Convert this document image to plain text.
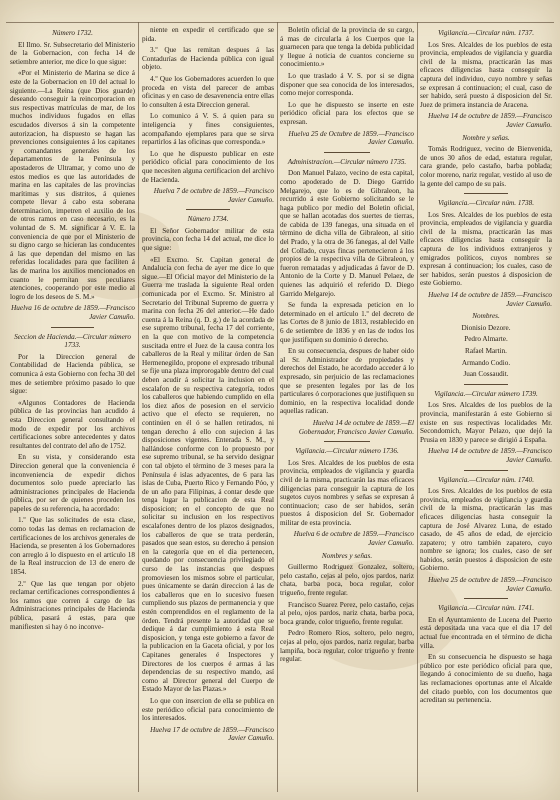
Número 1732.

El Ilmo. Sr. Subsecretario del Ministerio de la Gobernacion, con fecha 14 de setiembre anterior, me dice lo que sigue:

«Por el Ministerio de Marina se dice á este de la Gobernacion en 10 del actual lo siguiente.—La Reina (que Dios guarde) deseando conseguir la reincorporacion en sus respectivas matrículas de mar, de los muchos individuos fugados en ellas escudados diversos á sin la competente autorizacion, ha dispuesto se hagan las prevenciones consiguientes á los capitanes y comandantes generales de los departamentos de la Península y apostaderos de Ultramar, y como uno de estos medios es que las autoridades de marina en las capitales de las provincias marítimas y sus distritos, á quienes compete llevar á cabo esta soberana determinacion, impetren el auxilio de los de otros ramos en caso necesario, es la voluntad de S. M. significar á V. E. la conveniencia de que por el Ministerio de su digno cargo se hicieran las conducentes á las que dependan del mismo en las referidas localidades para que faciliten á las de marina los auxilios mencionados en cuanto le permitan sus peculiares atenciones, cooperando por este medio al logro de los deseos de S. M.»

Huelva 16 de octubre de 1859.—Francisco Javier Camuño.
Seccion de Hacienda.—Circular número 1733.

Por la Direccion general de Contabilidad de Hacienda pública, se comunica á esta Gobierno con fecha 30 del mes de setiembre próximo pasado lo que sigue:

«Algunos Contadores de Hacienda pública de las provincias han acudido á esta Direccion general consultando el modo de expedir por los archivos certificaciones sobre antecedentes y datos resultantes del contrato del año de 1752.

En su vista, y considerando esta Direccion general que la conveniencia é inconveniencia de expedir dichos documentos solo puede apreciarlo las administraciones principales de Hacienda pública, por ser de quienes proceden los papeles de su referencia, ha acordado:

1.º Que las solicitudes de esta clase, como todas las demas en reclamacion de certificaciones de los archivos generales de Hacienda, se presenten á los Gobernadores con arreglo á lo dispuesto en el artículo 18 de la Real instruccion de 13 de enero de 1854.

2.º Que las que tengan por objeto reclamar certificaciones correspondientes á los ramos que corren á cargo de las Administraciones principales de Hacienda pública, pasará á estas, para que manifiesten si hay ó no inconve-

niente en expedir el certificado que se pida.

3.º Que las remitan despues á las Contadurías de Hacienda pública con igual objeto.

4.º Que los Gobernadores acuerden lo que proceda en vista del parecer de ambas oficinas y en caso de desavenencia entre ellas lo consulten á esta Direccion general.

Lo comunico á V. S. á quien para su inteligencia y fines consiguientes, acompañando ejemplares para que se sirva repartirlos á las oficinas que corresponda.»

Lo que he dispuesto publicar en este periódico oficial para conocimiento de los que necesiten alguna certificacion del archivo de Hacienda.

Huelva 7 de octubre de 1859.—Francisco Javier Camuño.
Número 1734.

El Señor Gobernador militar de esta provincia, con fecha 14 del actual, me dice lo que sigue:

«El Excmo. Sr. Capitan general de Andalucía con fecha de ayer me dice lo que sigue.—El Oficial mayor del Ministerio de la Guerra me traslada la siguiente Real orden comunicada por el Excmo. Sr. Ministro al Secretario del Tribunal Supremo de guerra y marina con fecha 26 del anterior.—He dado cuenta á la Reina (q. D. g.) de la acordada de ese supremo tribunal, fecha 17 del corriente, en la que con motivo de la competencia suscitada entre el Juez de la causa contra los caballeros de la Real y militar órden de San Hermenegildo, propone el expresado tribunal se fije una plaza improrogable dentro del cual deben acudir á solicitar la inclusion en el escalafon de su respectiva categoría, todos los caballeros que habiendo cumplido en ella los diez años de posesion en el servicio activo que el efecto se requieren, no continúen en él ó se hallen retirados, ni tengan derecho á ello con sujecion á las disposiciones vigentes. Enterada S. M., y hallándose conforme con lo propuesto por ese supremo tribunal, se ha servido designar con tal objeto el término de 3 meses para la Península é islas adyacentes, de 6 para las islas de Cuba, Puerto Rico y Fernando Póo, y de un año para Filipinas, á contar desde que tenga lugar la publicacion de esta Real disposicion; en el concepto de que no solicitar su inclusion en los respectivos escalafones dentro de los plazos designados, los caballeros de que se trata perderán, pasados que sean estos, su derecho á pension en la categoría que en el dia pertenecen, quedando por consecuencia privilegiado el curso de las instancias que despues promoviesen los mismos sobre el particular, pues únicamente se darán direccion á las de los caballeros que en lo sucesivo fuesen cumpliendo sus plazos de permanencia y que estén comprendidos en el reglamento de la órden. Tendrá presente la autoridad que se dedique á dar cumplimiento á esta Real disposicion, y tenga este gobierno a favor de la publicacion en la Gaceta oficial, y por los Capitanes generales é Inspectores y Directores de los cuerpos é armas á las dependencias de su respectivo mando, así como al Director general del Cuerpo de Estado Mayor de las Plazas.»

Lo que con insercion de ella se publica en este periódico oficial para conocimiento de los interesados.

Huelva 17 de octubre de 1859.—Francisco Javier Camuño.

Boletín oficial de la provincia de su cargo, á mas de circularla á los Cuerpos que la guarnecen para que tenga la debida publicidad y llegue á noticia de cuantos concierne su conocimiento.»

Lo que traslado á V. S. por si se digna disponer que sea conocida de los interesados, como mejor corresponda.

Lo que he dispuesto se inserte en este periódico oficial para los efectos que se expresan.

Huelva 25 de Octubre de 1859.—Francisco Javier Camuño.
Administracion.—Circular número 1735.

Don Manuel Palazo, vecino de esta capital, como apoderado de D. Diego Garrido Melgarejo, que lo es de Gibraleon, ha recurrido á este Gobierno solicitando se le haga publico por medio del Boletin oficial, que se hallan acotadas dos suertes de tierras, de cabida de 139 fanegas, una situada en el término de dicha villa de Gibraleon, al sitio del Prado, y la otra de 36 fanegas, al del Valle del Collado, cuyas fincas pertenecieron á los propios de la respectiva villa de Gibraleon, y fueron rematadas y adjudicadas á favor de D. Antonio de la Corte y D. Manuel Pelaez, de quienes las adquirió el referido D. Diego Garrido Melgarejo.

Se funda la expresada peticion en lo determinado en el artículo 1.º del decreto de las Cortes de 8 junio de 1813, restablecido en 6 de setiembre de 1836 y en las de todos los que justifiquen su dominio ó derecho.

En su consecuencia, despues de haber oido al Sr. Administrador de propiedades y derechos del Estado, he acordado acceder á lo expresado, sin perjuicio de las reclamaciones que se presenten legales por las de los particulares ó corporaciones que justifiquen su dominio, en la respectiva localidad donde aquellas radican.

Huelva 14 de octubre de 1859.—El Gobernador, Francisco Javier Camuño.
Vigilancia.—Circular número 1736.

Los Sres. Alcaldes de los pueblos de esta provincia, empleados de vigilancia y guardia civil de la misma, practicarán las mas eficaces diligencias para conseguir la captura de los sugetos cuyos nombres y señas se expresan á continuacion; caso de ser habidos, serán puestos á disposicion del Sr. Gobernador militar de esta provincia.

Huelva 6 de octubre de 1859.—Francisco Javier Camuño.
Nombres y señas.

Guillermo Rodriguez Gonzalez, soltero, pelo castaño, cejas al pelo, ojos pardos, nariz chata, barba poca, boca regular, color trigueño, frente regular.

Francisco Suarez Perez, pelo castaño, cejas al pelo, ojos pardos, nariz chata, barba poca, boca grande, color trigueño, frente regular.

Pedro Romero Rios, soltero, pelo negro, cejas al pelo, ojos pardos, nariz regular, barba lampiña, boca regular, color trigueño y frente regular.

Vigilancia.—Circular núm. 1737.

Los Sres. Alcaldes de los pueblos de esta provincia, empleados de vigilancia y guardia civil de la misma, practicarán las mas eficaces diligencias hasta conseguir la captura del individuo, cuyo nombre y señas se expresan á continuacion; el cual, caso de ser habido, será puesto á disposicion del Sr. Juez de primera instancia de Aracena.

Huelva 14 de octubre de 1859.—Francisco Javier Camuño.
Nombre y señas.

Tomás Rodriguez, vecino de Bienvenida, de unos 30 años de edad, estatura regular, cara grande, pelo castaño, barba poblada; color moreno, nariz regular, vestido al uso de la gente del campo de su país.

Vigilancia.—Circular núm. 1738.

Los Sres. Alcaldes de los pueblos de esta provincia, empleados de vigilancia y guardia civil de la misma, practicarán las mas eficaces diligencias hasta conseguir la captura de los individuos extranjeros y emigrados políticos, cuyos nombres se expresan á continuacion; los cuales, caso de ser habidos, serán puestos á disposicion de este Gobierno.

Huelva 14 de octubre de 1859.—Francisco Javier Camuño.
Nombres.

Dionisio Dezore.

Pedro Almarte.

Rafael Martin.

Armando Codio.

Juan Cossaudit.

Vigilancia.—Circular número 1739.

Los Sres. Alcaldes de los pueblos de la provincia, manifestarán á este Gobierno si existe en sus respectivas localidades Mr. Secondomich, Mayor Pelazo, que dejó la Prusia en 1830 y parece se dirigió á España.

Huelva 14 de octubre de 1859.—Francisco Javier Camuño.
Vigilancia.—Circular núm. 1740.

Los Sres. Alcaldes de los pueblos de esta provincia, empleados de vigilancia y guardia civil de la misma, practicarán las mas eficaces diligencias hasta conseguir la captura de José Alvarez Luna, de estado casado, de 45 años de edad, de ejercicio zapatero; y otro también zapatero, cuyo nombre se ignora; los cuales, caso de ser habidos, serán puestos á disposicion de este Gobierno.

Huelva 25 de octubre de 1859.—Francisco Javier Camuño.
Vigilancia.—Circular núm. 1741.

En el Ayuntamiento de Lucena del Puerto está depositada una vaca que el dia 17 del actual fue encontrada en el término de dicha villa.

En su consecuencia he dispuesto se haga público por este periódico oficial para que, llegando á conocimiento de su dueño, haga las reclamaciones oportunas ante el Alcalde del citado pueblo, con los documentos que acreditan su pertenencia.
